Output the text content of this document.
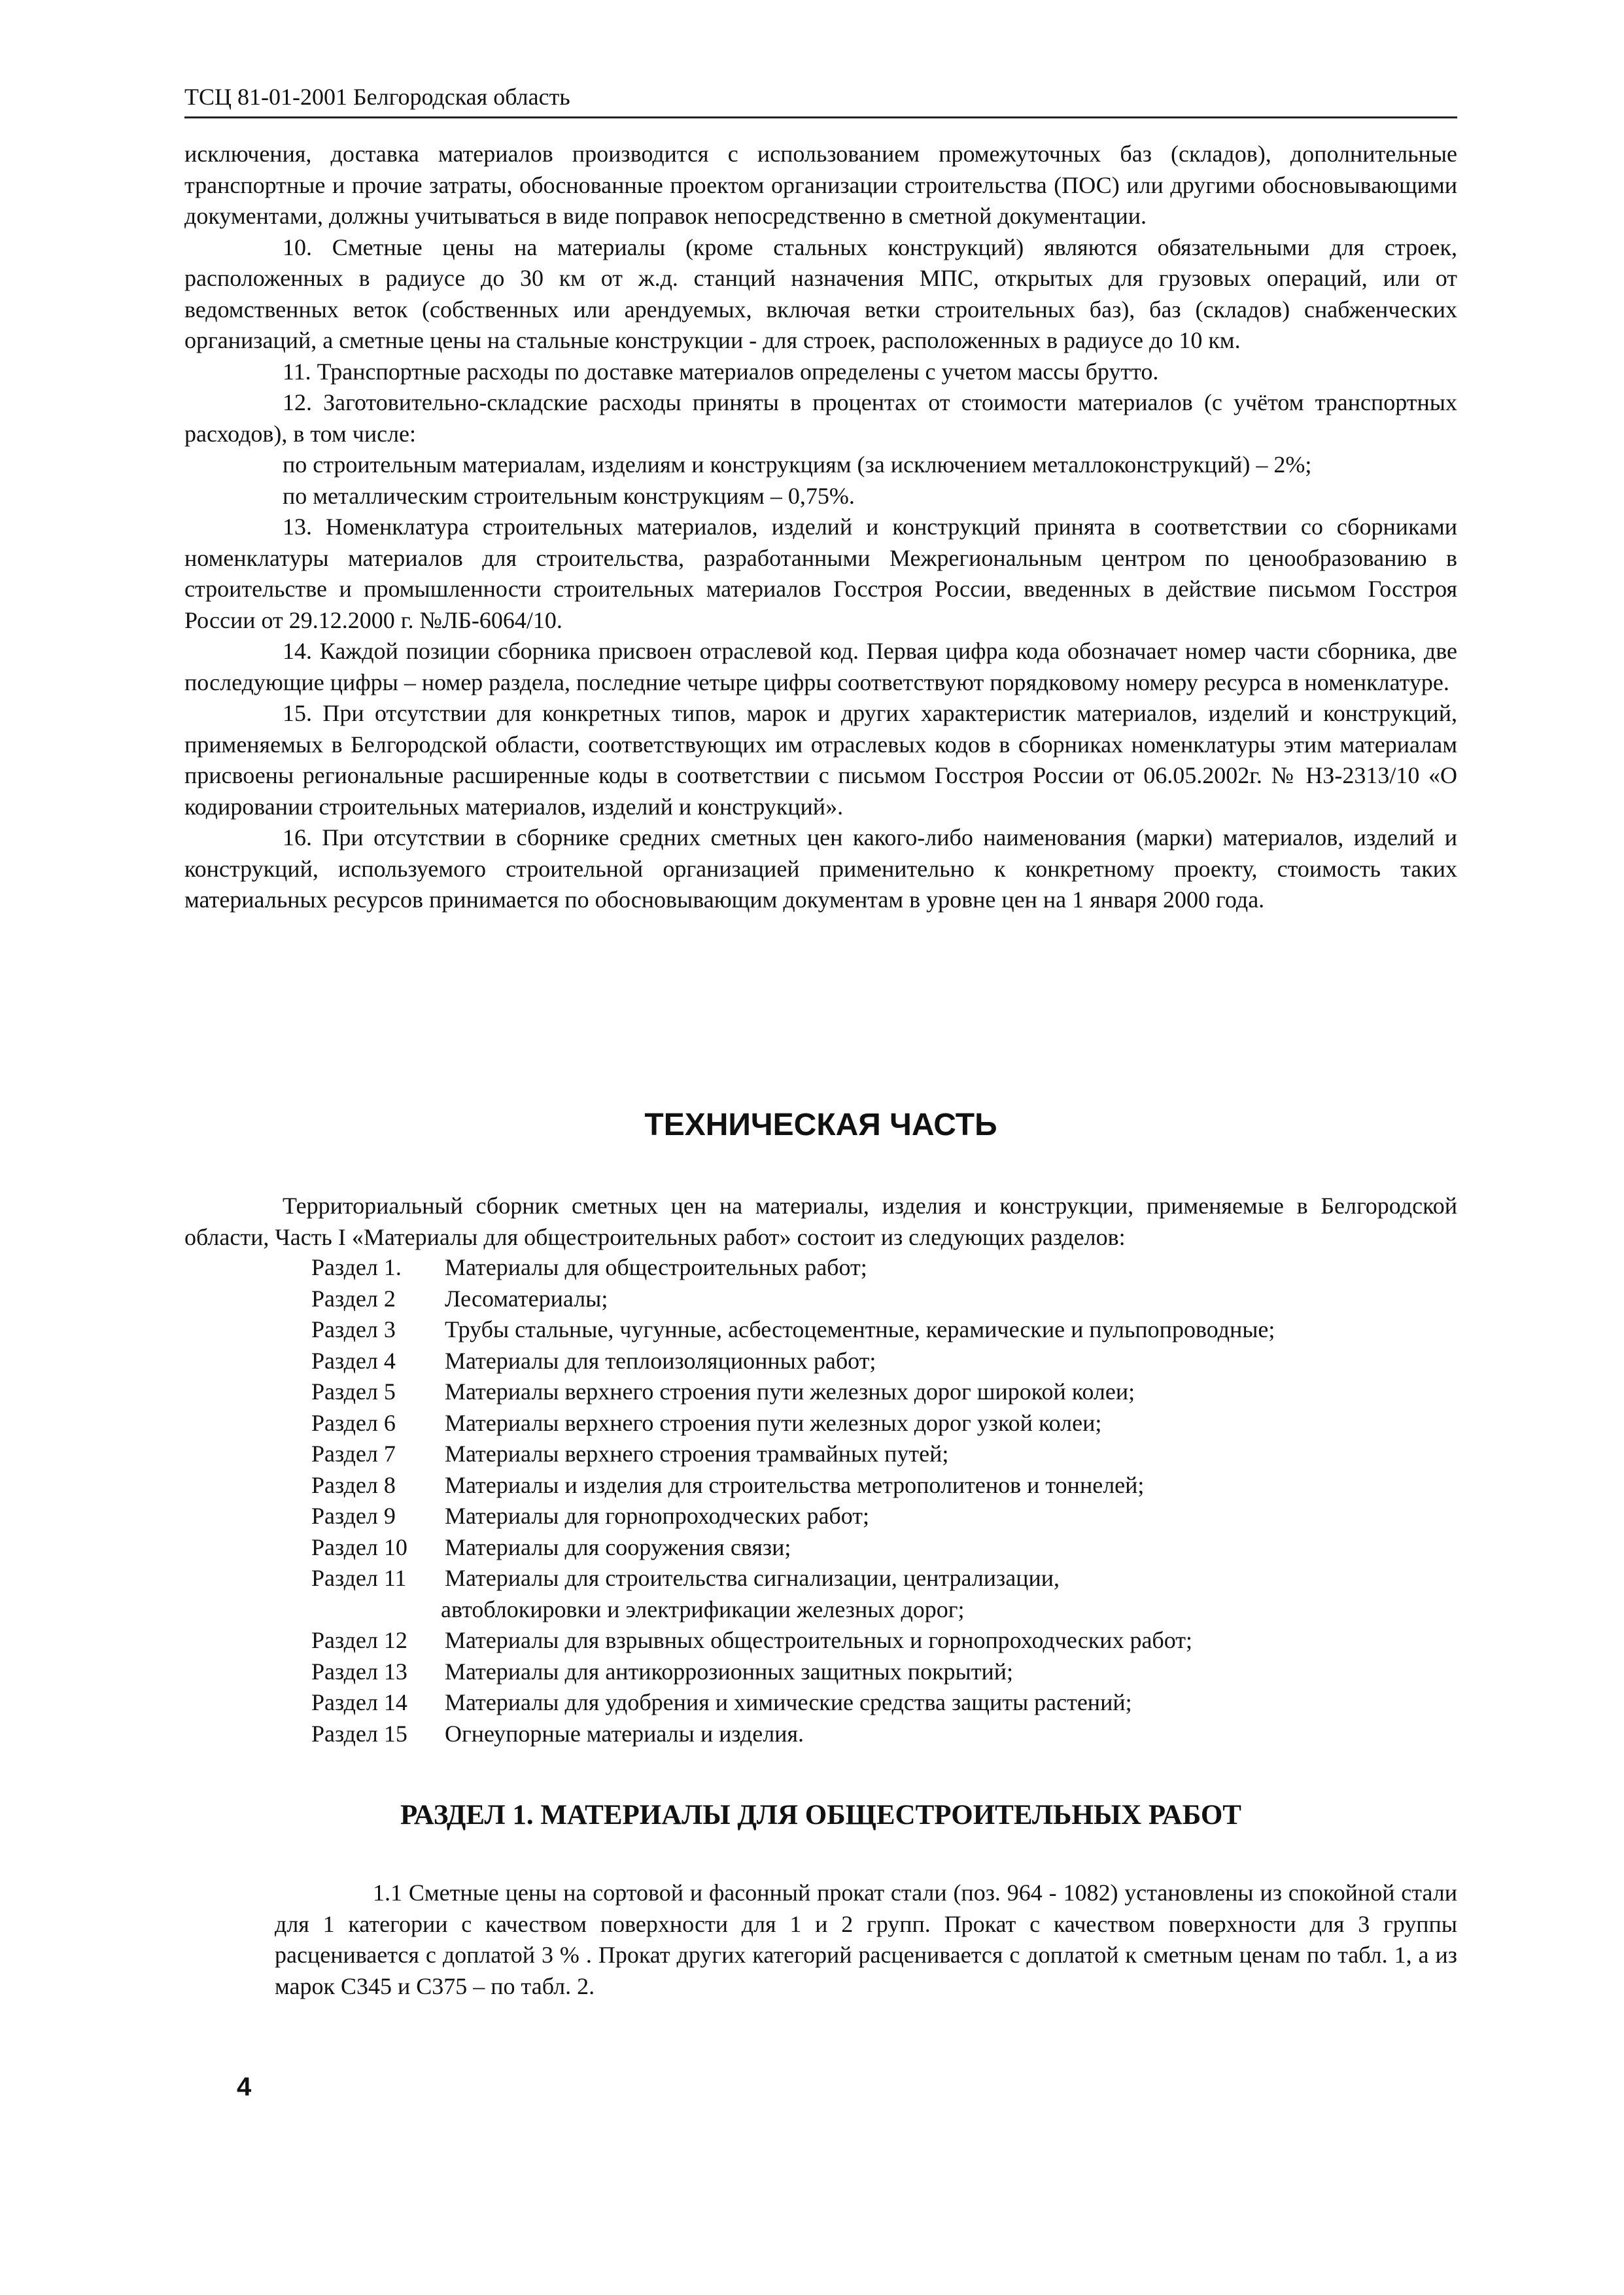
ТСЦ 81-01-2001 Белгородская область

исключения, доставка материалов производится с использованием промежуточных баз (складов), дополнительные транспортные и прочие затраты, обоснованные проектом организации строительства (ПОС) или другими обосновывающими документами, должны учитываться в виде поправок непосредственно в сметной документации.

10. Сметные цены на материалы (кроме стальных конструкций) являются обязательными для строек, расположенных в радиусе до 30 км от ж.д. станций назначения МПС, открытых для грузовых операций, или от ведомственных веток (собственных или арендуемых, включая ветки строительных баз), баз (складов) снабженческих организаций, а сметные цены на стальные конструкции - для строек, расположенных в радиусе до 10 км.

11. Транспортные расходы по доставке материалов определены с учетом массы брутто.

12. Заготовительно-складские расходы приняты в процентах от стоимости материалов (с учётом транспортных расходов), в том числе:

по строительным материалам, изделиям и конструкциям (за исключением металлоконструкций) – 2%;

по металлическим строительным конструкциям – 0,75%.

13. Номенклатура строительных материалов, изделий и конструкций принята в соответствии со сборниками номенклатуры материалов для строительства, разработанными Межрегиональным центром по ценообразованию в строительстве и промышленности строительных материалов Госстроя России, введенных в действие письмом Госстроя России от 29.12.2000 г. №ЛБ-6064/10.

14. Каждой позиции сборника присвоен отраслевой код. Первая цифра кода обозначает номер части сборника, две последующие цифры – номер раздела, последние четыре цифры соответствуют порядковому номеру ресурса в номенклатуре.

15. При отсутствии для конкретных типов, марок и других характеристик материалов, изделий и конструкций, применяемых в Белгородской области, соответствующих им отраслевых кодов в сборниках номенклатуры этим материалам присвоены региональные расширенные коды в соответствии с письмом Госстроя России от 06.05.2002г. № НЗ-2313/10 «О кодировании строительных материалов, изделий и конструкций».

16. При отсутствии в сборнике средних сметных цен какого-либо наименования (марки) материалов, изделий и конструкций, используемого строительной организацией применительно к конкретному проекту, стоимость таких материальных ресурсов принимается по обосновывающим документам в уровне цен на 1 января 2000 года.

ТЕХНИЧЕСКАЯ ЧАСТЬ

Территориальный сборник сметных цен на материалы, изделия и конструкции, применяемые в Белгородской области, Часть I «Материалы для общестроительных работ» состоит из следующих разделов:

Раздел 1.	Материалы для общестроительных работ;
Раздел 2	Лесоматериалы;
Раздел 3	Трубы стальные, чугунные, асбестоцементные, керамические и пульпопроводные;
Раздел 4	Материалы для теплоизоляционных работ;
Раздел 5	Материалы верхнего строения пути железных дорог широкой колеи;
Раздел 6	Материалы верхнего строения пути железных дорог узкой колеи;
Раздел 7	Материалы верхнего строения трамвайных путей;
Раздел 8	Материалы и изделия для строительства метрополитенов и тоннелей;
Раздел 9	Материалы для горнопроходческих работ;
Раздел 10	Материалы для сооружения связи;
Раздел 11	Материалы для строительства сигнализации, централизации,
автоблокировки и электрификации железных дорог;
Раздел 12	Материалы для взрывных общестроительных и горнопроходческих работ;
Раздел 13	Материалы для антикоррозионных защитных покрытий;
Раздел 14	Материалы для удобрения и химические средства защиты растений;
Раздел 15	Огнеупорные материалы и изделия.
РАЗДЕЛ 1. МАТЕРИАЛЫ ДЛЯ ОБЩЕСТРОИТЕЛЬНЫХ РАБОТ

1.1 Сметные цены на сортовой и фасонный прокат стали (поз. 964 - 1082) установлены из спокойной стали для 1 категории с качеством поверхности для 1 и 2 групп. Прокат с качеством поверхности для 3 группы расценивается с доплатой 3 % . Прокат других категорий расценивается с доплатой к сметным ценам по табл. 1, а из марок С345 и С375 – по табл. 2.

4
